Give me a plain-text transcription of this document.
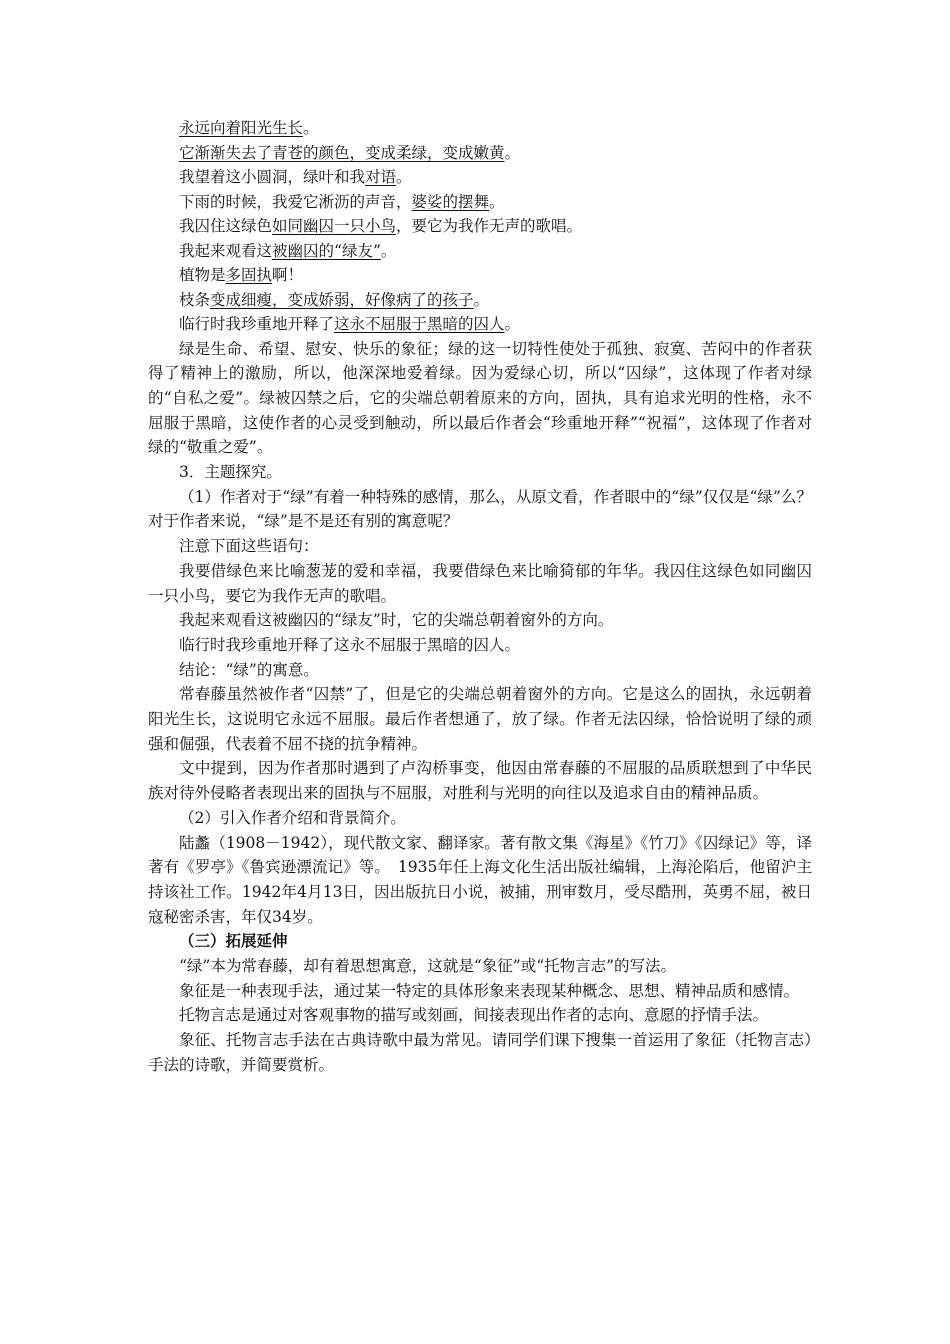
永远向着阳光生长。

它渐渐失去了青苍的颜色，变成柔绿，变成嫩黄。

我望着这小圆洞，绿叶和我对语。

下雨的时候，我爱它淅沥的声音，婆娑的摆舞。

我囚住这绿色如同幽囚一只小鸟，要它为我作无声的歌唱。

我起来观看这被幽囚的“绿友”。

植物是多固执啊！

枝条变成细瘦，变成娇弱，好像病了的孩子。

临行时我珍重地开释了这永不屈服于黑暗的囚人。

绿是生命、希望、慰安、快乐的象征；绿的这一切特性使处于孤独、寂寞、苦闷中的作者获得了精神上的激励，所以，他深深地爱着绿。因为爱绿心切，所以“囚绿”，这体现了作者对绿的“自私之爱”。绿被囚禁之后，它的尖端总朝着原来的方向，固执，具有追求光明的性格，永不屈服于黑暗，这使作者的心灵受到触动，所以最后作者会“珍重地开释”“祝福”，这体现了作者对绿的“敬重之爱”。

3．主题探究。

（1）作者对于“绿”有着一种特殊的感情，那么，从原文看，作者眼中的“绿”仅仅是“绿”么？对于作者来说，“绿”是不是还有别的寓意呢？

注意下面这些语句：

我要借绿色来比喻葱茏的爱和幸福，我要借绿色来比喻猗郁的年华。我囚住这绿色如同幽囚一只小鸟，要它为我作无声的歌唱。

我起来观看这被幽囚的“绿友”时，它的尖端总朝着窗外的方向。

临行时我珍重地开释了这永不屈服于黑暗的囚人。

结论：“绿”的寓意。

常春藤虽然被作者“囚禁”了，但是它的尖端总朝着窗外的方向。它是这么的固执，永远朝着阳光生长，这说明它永远不屈服。最后作者想通了，放了绿。作者无法囚绿，恰恰说明了绿的顽强和倔强，代表着不屈不挠的抗争精神。

文中提到，因为作者那时遇到了卢沟桥事变，他因由常春藤的不屈服的品质联想到了中华民族对待外侵略者表现出来的固执与不屈服，对胜利与光明的向往以及追求自由的精神品质。

（2）引入作者介绍和背景简介。

陆蠡（1908－1942），现代散文家、翻译家。著有散文集《海星》《竹刀》《囚绿记》等，译著有《罗亭》《鲁宾逊漂流记》等。　1935年任上海文化生活出版社编辑，上海沦陷后，他留沪主持该社工作。1942年4月13日，因出版抗日小说，被捕，刑审数月，受尽酷刑，英勇不屈，被日寇秘密杀害，年仅34岁。

（三）拓展延伸

“绿”本为常春藤，却有着思想寓意，这就是“象征”或“托物言志”的写法。

象征是一种表现手法，通过某一特定的具体形象来表现某种概念、思想、精神品质和感情。

托物言志是通过对客观事物的描写或刻画，间接表现出作者的志向、意愿的抒情手法。

象征、托物言志手法在古典诗歌中最为常见。请同学们课下搜集一首运用了象征（托物言志）手法的诗歌，并简要赏析。
